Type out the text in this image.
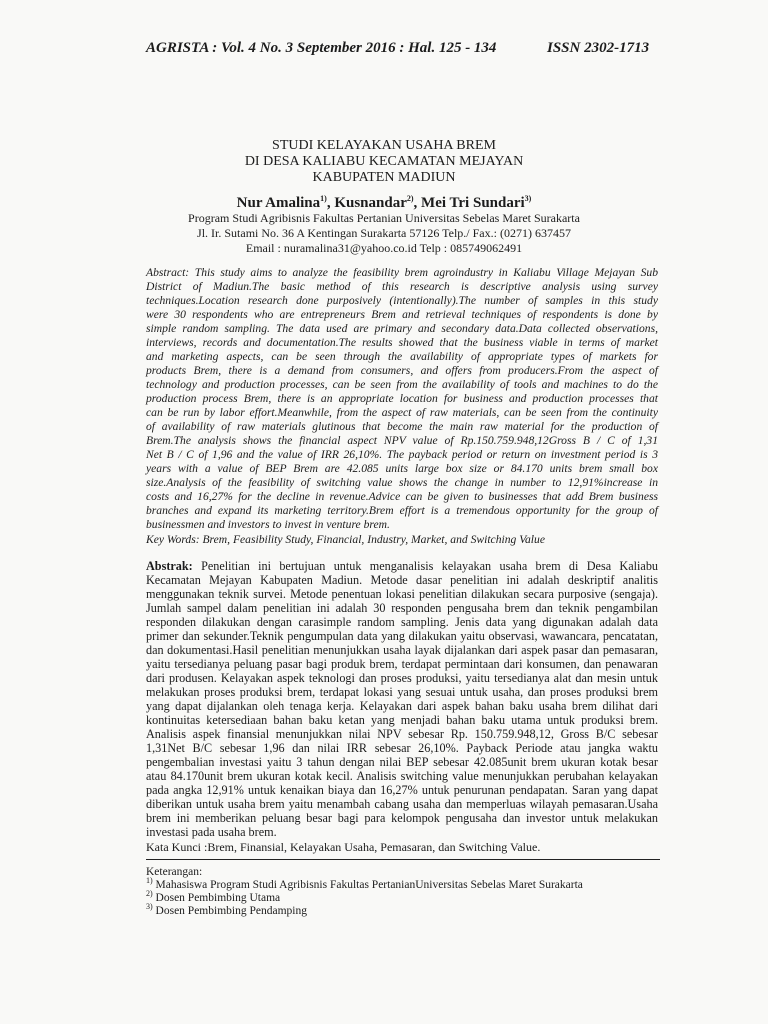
AGRISTA : Vol. 4 No. 3 September 2016 : Hal. 125 - 134	ISSN 2302-1713

STUDI KELAYAKAN USAHA BREM

DI DESA KALIABU KECAMATAN MEJAYAN

KABUPATEN MADIUN

Nur Amalina$^{1)}$, Kusnandar$^{2)}$, Mei Tri Sundari$^{3)}$

Program Studi Agribisnis Fakultas Pertanian Universitas Sebelas Maret Surakarta

Jl. Ir. Sutami No. 36 A Kentingan Surakarta 57126 Telp./ Fax.: (0271) 637457

Email : nuramalina31@yahoo.co.id Telp : 085749062491

Abstract: This study aims to analyze the feasibility brem agroindustry in Kaliabu Village Mejayan Sub

District of Madiun.The basic method of this research is descriptive analysis using survey

techniques.Location research done purposively (intentionally).The number of samples in this study

were 30 respondents who are entrepreneurs Brem and retrieval techniques of respondents is done by

simple random sampling. The data used are primary and secondary data.Data collected observations,

interviews, records and documentation.The results showed that the business viable in terms of market

and marketing aspects, can be seen through the availability of appropriate types of markets for

products Brem, there is a demand from consumers, and offers from producers.From the aspect of

technology and production processes, can be seen from the availability of tools and machines to do the

production process Brem, there is an appropriate location for business and production processes that

can be run by labor effort.Meanwhile, from the aspect of raw materials, can be seen from the continuity

of availability of raw materials glutinous that become the main raw material for the production of

Brem.The analysis shows the financial aspect NPV value of Rp.150.759.948,12Gross B / C of 1,31

Net B / C of 1,96 and the value of IRR 26,10%. The payback period or return on investment period is 3

years with a value of BEP Brem are 42.085 units large box size or 84.170 units brem small box

size.Analysis of the feasibility of switching value shows the change in number to 12,91%increase in

costs and 16,27% for the decline in revenue.Advice can be given to businesses that add Brem business

branches and expand its marketing territory.Brem effort is a tremendous opportunity for the group of

businessmen and investors to invest in venture brem.

Key Words: Brem, Feasibility Study, Financial, Industry, Market, and Switching Value

Abstrak: Penelitian ini bertujuan untuk menganalisis kelayakan usaha brem di Desa Kaliabu

Kecamatan Mejayan Kabupaten Madiun. Metode dasar penelitian ini adalah deskriptif analitis

menggunakan teknik survei. Metode penentuan lokasi penelitian dilakukan secara purposive (sengaja).

Jumlah sampel dalam penelitian ini adalah 30 responden pengusaha brem dan teknik pengambilan

responden dilakukan dengan carasimple random sampling. Jenis data yang digunakan adalah data

primer dan sekunder.Teknik pengumpulan data yang dilakukan yaitu observasi, wawancara, pencatatan,

dan dokumentasi.Hasil penelitian menunjukkan usaha layak dijalankan dari aspek pasar dan pemasaran,

yaitu tersedianya peluang pasar bagi produk brem, terdapat permintaan dari konsumen, dan penawaran

dari produsen. Kelayakan aspek teknologi dan proses produksi, yaitu tersedianya alat dan mesin untuk

melakukan proses produksi brem, terdapat lokasi yang sesuai untuk usaha, dan proses produksi brem

yang dapat dijalankan oleh tenaga kerja. Kelayakan dari aspek bahan baku usaha brem dilihat dari

kontinuitas ketersediaan bahan baku ketan yang menjadi bahan baku utama untuk produksi brem.

Analisis aspek finansial menunjukkan nilai NPV sebesar Rp. 150.759.948,12, Gross B/C sebesar

1,31Net B/C sebesar 1,96 dan nilai IRR sebesar 26,10%. Payback Periode atau jangka waktu

pengembalian investasi yaitu 3 tahun dengan nilai BEP sebesar 42.085unit brem ukuran kotak besar

atau 84.170unit brem ukuran kotak kecil. Analisis switching value menunjukkan perubahan kelayakan

pada angka 12,91% untuk kenaikan biaya dan 16,27% untuk penurunan pendapatan. Saran yang dapat

diberikan untuk usaha brem yaitu menambah cabang usaha dan memperluas wilayah pemasaran.Usaha

brem ini memberikan peluang besar bagi para kelompok pengusaha dan investor untuk melakukan

investasi pada usaha brem.

Kata Kunci :Brem, Finansial, Kelayakan Usaha, Pemasaran, dan Switching Value.

Keterangan:

$^{1)}$ Mahasiswa Program Studi Agribisnis Fakultas PertanianUniversitas Sebelas Maret Surakarta

$^{2)}$ Dosen Pembimbing Utama

$^{3)}$ Dosen Pembimbing Pendamping
